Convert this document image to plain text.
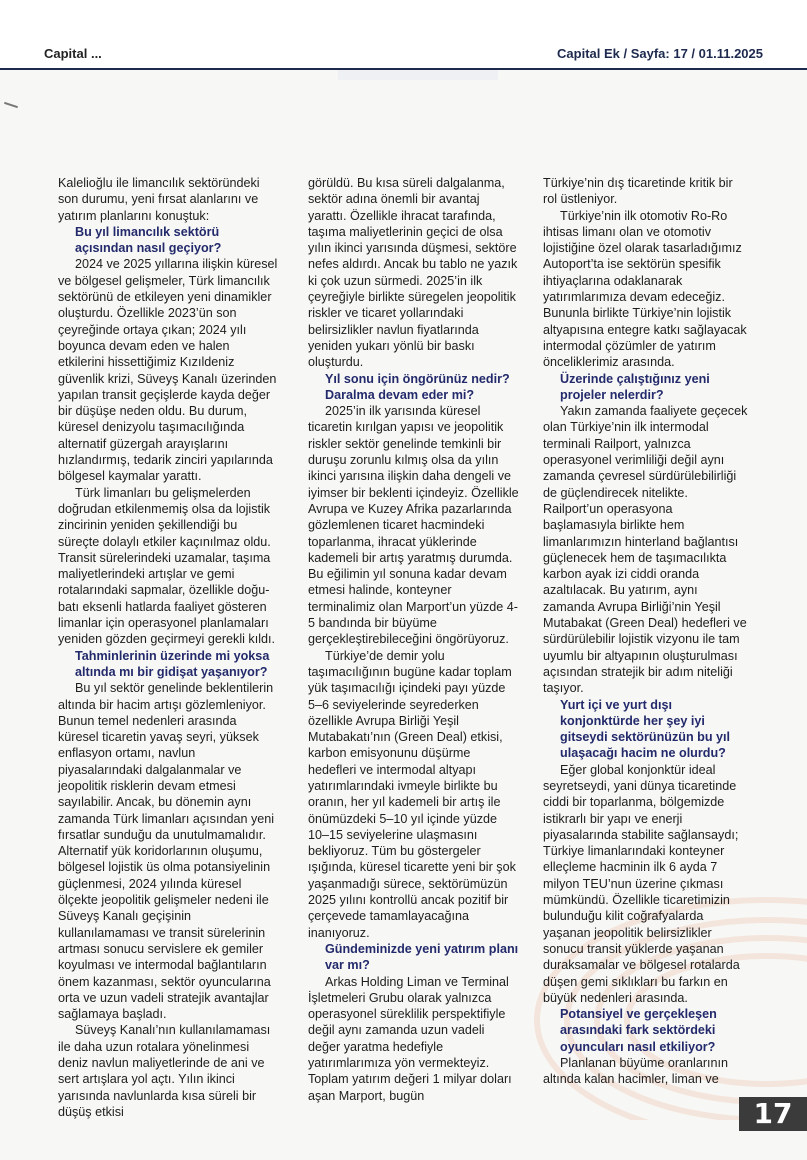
Capital ...	Capital Ek / Sayfa: 17 / 01.11.2025

Kalelioğlu ile limancılık sektöründeki son durumu, yeni fırsat alanlarını ve yatırım planlarını konuştuk:

Bu yıl limancılık sektörü açısından nasıl geçiyor?

2024 ve 2025 yıllarına ilişkin küresel ve bölgesel gelişmeler, Türk limancılık sektörünü de etkileyen yeni dinamikler oluşturdu. Özellikle 2023’ün son çeyreğinde ortaya çıkan; 2024 yılı boyunca devam eden ve halen etkilerini hissettiğimiz Kızıldeniz güvenlik krizi, Süveyş Kanalı üzerinden yapılan transit geçişlerde kayda değer bir düşüşe neden oldu. Bu durum, küresel denizyolu taşımacılığında alternatif güzergah arayışlarını hızlandırmış, tedarik zinciri yapılarında bölgesel kaymalar yarattı.

Türk limanları bu gelişmelerden doğrudan etkilenmemiş olsa da lojistik zincirinin yeniden şekillendiği bu süreçte dolaylı etkiler kaçınılmaz oldu. Transit sürelerindeki uzamalar, taşıma maliyetlerindeki artışlar ve gemi rotalarındaki sapmalar, özellikle doğu-batı eksenli hatlarda faaliyet gösteren limanlar için operasyonel planlamaları yeniden gözden geçirmeyi gerekli kıldı.

Tahminlerinin üzerinde mi yoksa altında mı bir gidişat yaşanıyor?

Bu yıl sektör genelinde beklentilerin altında bir hacim artışı gözlemleniyor. Bunun temel nedenleri arasında küresel ticaretin yavaş seyri, yüksek enflasyon ortamı, navlun piyasalarındaki dalgalanmalar ve jeopolitik risklerin devam etmesi sayılabilir. Ancak, bu dönemin aynı zamanda Türk limanları açısından yeni fırsatlar sunduğu da unutulmamalıdır. Alternatif yük koridorlarının oluşumu, bölgesel lojistik üs olma potansiyelinin güçlenmesi, 2024 yılında küresel ölçekte jeopolitik gelişmeler nedeni ile Süveyş Kanalı geçişinin kullanılamaması ve transit sürelerinin artması sonucu servislere ek gemiler koyulması ve intermodal bağlantıların önem kazanması, sektör oyuncularına orta ve uzun vadeli stratejik avantajlar sağlamaya başladı.

Süveyş Kanalı’nın kullanılamaması ile daha uzun rotalara yönelinmesi deniz navlun maliyetlerinde de ani ve sert artışlara yol açtı. Yılın ikinci yarısında navlunlarda kısa süreli bir düşüş etkisi

görüldü. Bu kısa süreli dalgalanma, sektör adına önemli bir avantaj yarattı. Özellikle ihracat tarafında, taşıma maliyetlerinin geçici de olsa yılın ikinci yarısında düşmesi, sektöre nefes aldırdı. Ancak bu tablo ne yazık ki çok uzun sürmedi. 2025’in ilk çeyreğiyle birlikte süregelen jeopolitik riskler ve ticaret yollarındaki belirsizlikler navlun fiyatlarında yeniden yukarı yönlü bir baskı oluşturdu.

Yıl sonu için öngörünüz nedir? Daralma devam eder mi?

2025’in ilk yarısında küresel ticaretin kırılgan yapısı ve jeopolitik riskler sektör genelinde temkinli bir duruşu zorunlu kılmış olsa da yılın ikinci yarısına ilişkin daha dengeli ve iyimser bir beklenti içindeyiz. Özellikle Avrupa ve Kuzey Afrika pazarlarında gözlemlenen ticaret hacmindeki toparlanma, ihracat yüklerinde kademeli bir artış yaratmış durumda. Bu eğilimin yıl sonuna kadar devam etmesi halinde, konteyner terminalimiz olan Marport’un yüzde 4-5 bandında bir büyüme gerçekleştirebileceğini öngörüyoruz.

Türkiye’de demir yolu taşımacılığının bugüne kadar toplam yük taşımacılığı içindeki payı yüzde 5–6 seviyelerinde seyrederken özellikle Avrupa Birliği Yeşil Mutabakatı’nın (Green Deal) etkisi, karbon emisyonunu düşürme hedefleri ve intermodal altyapı yatırımlarındaki ivmeyle birlikte bu oranın, her yıl kademeli bir artış ile önümüzdeki 5–10 yıl içinde yüzde 10–15 seviyelerine ulaşmasını bekliyoruz. Tüm bu göstergeler ışığında, küresel ticarette yeni bir şok yaşanmadığı sürece, sektörümüzün 2025 yılını kontrollü ancak pozitif bir çerçevede tamamlayacağına inanıyoruz.

Gündeminizde yeni yatırım planı var mı?

Arkas Holding Liman ve Terminal İşletmeleri Grubu olarak yalnızca operasyonel süreklilik perspektifiyle değil aynı zamanda uzun vadeli değer yaratma hedefiyle yatırımlarımıza yön vermekteyiz. Toplam yatırım değeri 1 milyar doları aşan Marport, bugün

Türkiye’nin dış ticaretinde kritik bir rol üstleniyor.

Türkiye’nin ilk otomotiv Ro-Ro ihtisas limanı olan ve otomotiv lojistiğine özel olarak tasarladığımız Autoport’ta ise sektörün spesifik ihtiyaçlarına odaklanarak yatırımlarımıza devam edeceğiz. Bununla birlikte Türkiye’nin lojistik altyapısına entegre katkı sağlayacak intermodal çözümler de yatırım önceliklerimiz arasında.

Üzerinde çalıştığınız yeni projeler nelerdir?

Yakın zamanda faaliyete geçecek olan Türkiye’nin ilk intermodal terminali Railport, yalnızca operasyonel verimliliği değil aynı zamanda çevresel sürdürülebilirliği de güçlendirecek nitelikte. Railport’un operasyona başlamasıyla birlikte hem limanlarımızın hinterland bağlantısı güçlenecek hem de taşımacılıkta karbon ayak izi ciddi oranda azaltılacak. Bu yatırım, aynı zamanda Avrupa Birliği’nin Yeşil Mutabakat (Green Deal) hedefleri ve sürdürülebilir lojistik vizyonu ile tam uyumlu bir altyapının oluşturulması açısından stratejik bir adım niteliği taşıyor.

Yurt içi ve yurt dışı konjonktürde her şey iyi gitseydi sektörünüzün bu yıl ulaşacağı hacim ne olurdu?

Eğer global konjonktür ideal seyretseydi, yani dünya ticaretinde ciddi bir toparlanma, bölgemizde istikrarlı bir yapı ve enerji piyasalarında stabilite sağlansaydı; Türkiye limanlarındaki konteyner elleçleme hacminin ilk 6 ayda 7 milyon TEU’nun üzerine çıkması mümkündü. Özellikle ticaretimizin bulunduğu kilit coğrafyalarda yaşanan jeopolitik belirsizlikler sonucu transit yüklerde yaşanan duraksamalar ve bölgesel rotalarda düşen gemi sıklıkları bu farkın en büyük nedenleri arasında.

Potansiyel ve gerçekleşen arasındaki fark sektördeki oyuncuları nasıl etkiliyor?

Planlanan büyüme oranlarının altında kalan hacimler, liman ve

17
